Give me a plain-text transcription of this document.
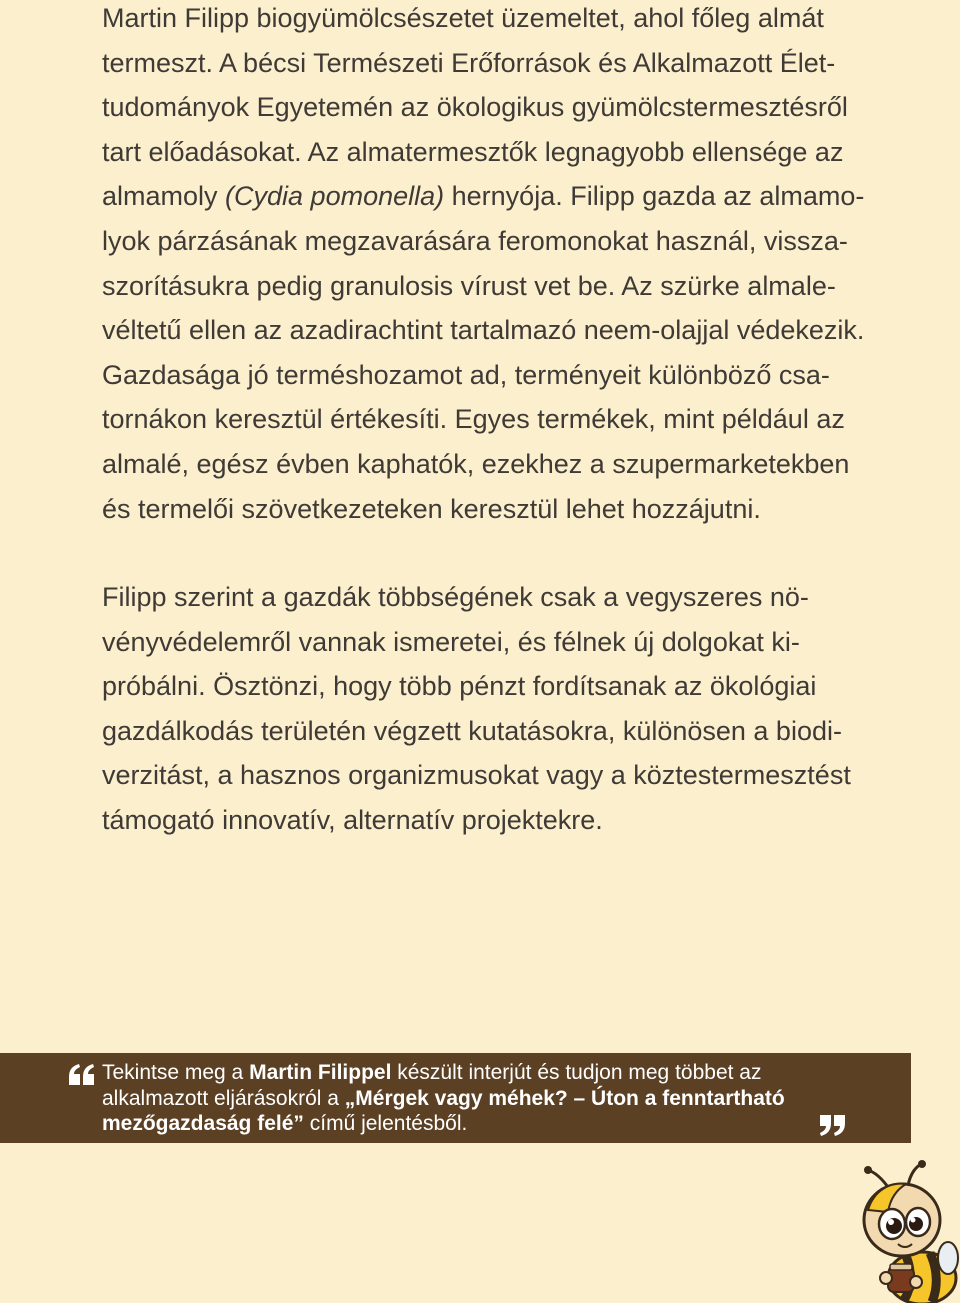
Martin Filipp biogyümölcsészetet üzemeltet, ahol főleg almát
termeszt. A bécsi Természeti Erőforrások és Alkalmazott Élet-
tudományok Egyetemén az ökologikus gyümölcstermesztésről
tart előadásokat. Az almatermesztők legnagyobb ellensége az
almamoly (Cydia pomonella) hernyója. Filipp gazda az almamo-
lyok párzásának megzavarására feromonokat használ, vissza-
szorításukra pedig granulosis vírust vet be. Az szürke almale-
véltetű ellen az azadirachtint tartalmazó neem-olajjal védekezik.
Gazdasága jó terméshozamot ad, terményeit különböző csa-
tornákon keresztül értékesíti. Egyes termékek, mint például az
almalé, egész évben kaphatók, ezekhez a szupermarketekben
és termelői szövetkezeteken keresztül lehet hozzájutni.
Filipp szerint a gazdák többségének csak a vegyszeres nö-
vényvédelemről vannak ismeretei, és félnek új dolgokat ki-
próbálni. Ösztönzi, hogy több pénzt fordítsanak az ökológiai
gazdálkodás területén végzett kutatásokra, különösen a biodi-
verzitást, a hasznos organizmusokat vagy a köztestermesztést
támogató innovatív, alternatív projektekre.
Tekintse meg a Martin Filippel készült interjút és tudjon meg többet az
alkalmazott eljárásokról a „Mérgek vagy méhek? – Úton a fenntartható
mezőgazdaság felé” című jelentésből.
